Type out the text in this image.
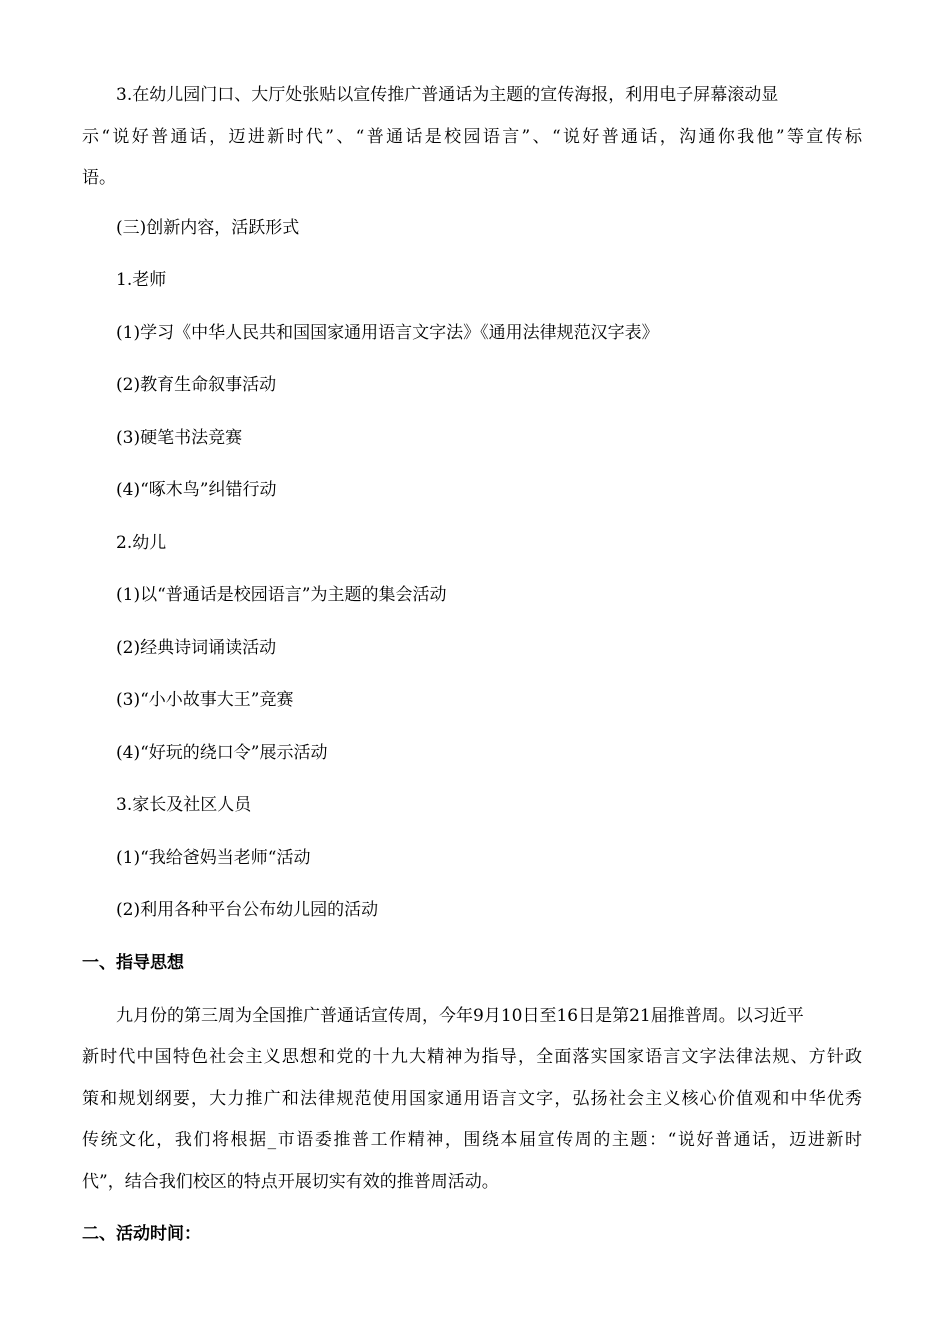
3.在幼儿园门口、大厅处张贴以宣传推广普通话为主题的宣传海报，利用电子屏幕滚动显
示“说好普通话，迈进新时代”、“普通话是校园语言”、“说好普通话，沟通你我他”等宣传标
语。
(三)创新内容，活跃形式
1.老师
(1)学习《中华人民共和国国家通用语言文字法》《通用法律规范汉字表》
(2)教育生命叙事活动
(3)硬笔书法竞赛
(4)“啄木鸟”纠错行动
2.幼儿
(1)以“普通话是校园语言”为主题的集会活动
(2)经典诗词诵读活动
(3)“小小故事大王”竞赛
(4)“好玩的绕口令”展示活动
3.家长及社区人员
(1)“我给爸妈当老师“活动
(2)利用各种平台公布幼儿园的活动
一、指导思想
九月份的第三周为全国推广普通话宣传周，今年9月10日至16日是第21届推普周。以习近平
新时代中国特色社会主义思想和党的十九大精神为指导，全面落实国家语言文字法律法规、方针政
策和规划纲要，大力推广和法律规范使用国家通用语言文字，弘扬社会主义核心价值观和中华优秀
传统文化，我们将根据_市语委推普工作精神，围绕本届宣传周的主题：“说好普通话，迈进新时
代”，结合我们校区的特点开展切实有效的推普周活动。
二、活动时间：
